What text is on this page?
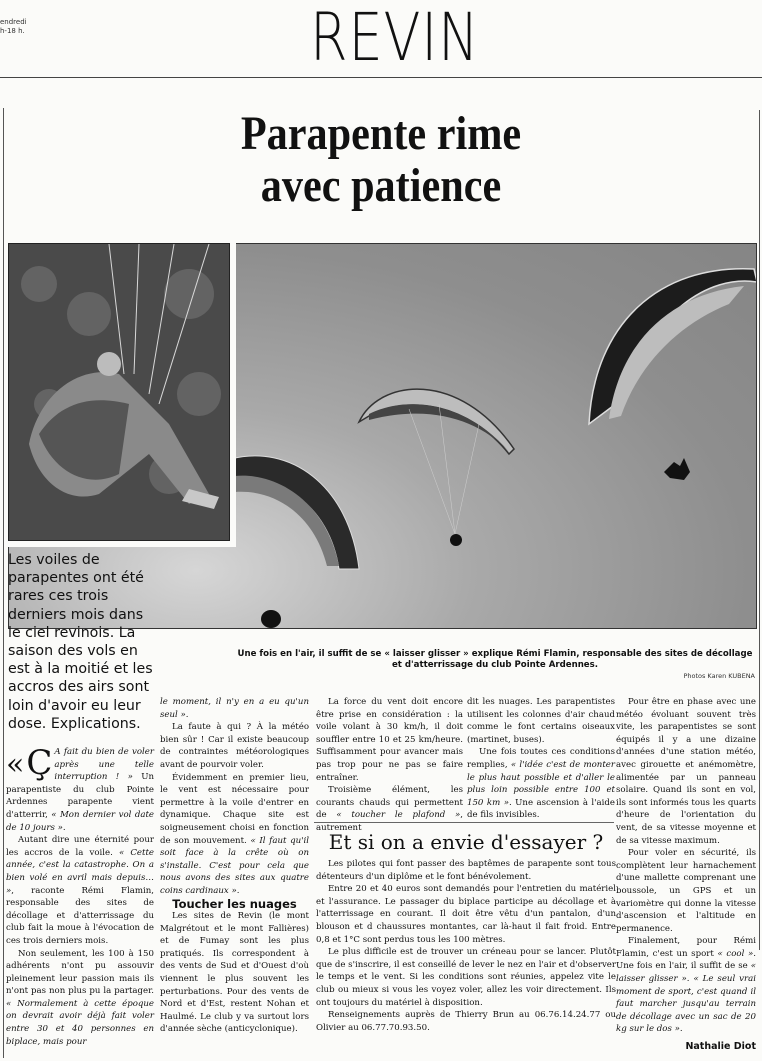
endredi
h-18 h.	REVIN
Parapente rime
avec patience
Une fois en l'air, il suffit de se « laisser glisser » explique Rémi Flamin, responsable des sites de décollage
et d'atterrissage du club Pointe Ardennes.
Photos Karen KUBENA
Les voiles de parapentes ont été rares ces trois derniers mois dans le ciel revinois. La saison des vols en est à la moitié et les accros des airs sont loin d'avoir eu leur dose. Explications.

« Ç A fait du bien de voler après une telle interruption ! » Un parapentiste du club Pointe Ardennes parapente vient d'atterrir, « Mon dernier vol date de 10 jours ».

Autant dire une éternité pour les accros de la voile. « Cette année, c'est la catastrophe. On a bien volé en avril mais depuis… », raconte Rémi Flamin, responsable des sites de décollage et d'atterrissage du club fait la moue à l'évocation de ces trois derniers mois.

Non seulement, les 100 à 150 adhérents n'ont pu assouvir pleinement leur passion mais ils n'ont pas non plus pu la partager. « Normalement à cette époque on devrait avoir déjà fait voler entre 30 et 40 personnes en biplace, mais pour

le moment, il n'y en a eu qu'un seul ».

La faute à qui ? À la météo bien sûr ! Car il existe beaucoup de contraintes météorologiques avant de pourvoir voler.

Évidemment en premier lieu, le vent est nécessaire pour permettre à la voile d'entrer en dynamique. Chaque site est soigneusement choisi en fonction de son mouvement. « Il faut qu'il soit face à la crête où on s'installe. C'est pour cela que nous avons des sites aux quatre coins cardinaux ».

Toucher les nuages

Les sites de Revin (le mont Malgrétout et le mont Fallières) et de Fumay sont les plus pratiqués. Ils correspondent à des vents de Sud et d'Ouest d'où viennent le plus souvent les perturbations. Pour des vents de Nord et d'Est, restent Nohan et Haulmé. Le club y va surtout lors d'année sèche (anticyclonique).

La force du vent doit encore être prise en considération : la voile volant à 30 km/h, il doit souffler entre 10 et 25 km/heure. Suffisamment pour avancer mais pas trop pour ne pas se faire entraîner.

Troisième élément, les courants chauds qui permettent de « toucher le plafond », autrement

dit les nuages. Les parapentistes utilisent les colonnes d'air chaud comme le font certains oiseaux (martinet, buses).

Une fois toutes ces conditions remplies, « l'idée c'est de monter le plus haut possible et d'aller le plus loin possible entre 100 et 150 km ». Une ascension à l'aide de fils invisibles.

Et si on a envie d'essayer ?

Les pilotes qui font passer des baptêmes de parapente sont tous détenteurs d'un diplôme et le font bénévolement.

Entre 20 et 40 euros sont demandés pour l'entretien du matériel et l'assurance. Le passager du biplace participe au décollage et à l'atterrissage en courant. Il doit être vêtu d'un pantalon, d'un blouson et d chaussures montantes, car là-haut il fait froid. Entre 0,8 et 1°C sont perdus tous les 100 mètres.

Le plus difficile est de trouver un créneau pour se lancer. Plutôt que de s'inscrire, il est conseillé de lever le nez en l'air et d'observer le temps et le vent. Si les conditions sont réunies, appelez vite le club ou mieux si vous les voyez voler, allez les voir directement. Ils ont toujours du matériel à disposition.

Renseignements auprès de Thierry Brun au 06.76.14.24.77 ou Olivier au 06.77.70.93.50.

Pour être en phase avec une météo évoluant souvent très vite, les parapentistes se sont équipés il y a une dizaine d'années d'une station météo, avec girouette et anémomètre, alimentée par un panneau solaire. Quand ils sont en vol, ils sont informés tous les quarts d'heure de l'orientation du vent, de sa vitesse moyenne et de sa vitesse maximum.

Pour voler en sécurité, ils complètent leur harnachement d'une mallette comprenant une boussole, un GPS et un variomètre qui donne la vitesse d'ascension et l'altitude en permanence.

Finalement, pour Rémi Flamin, c'est un sport « cool ». Une fois en l'air, il suffit de se « laisser glisser ». « Le seul vrai moment de sport, c'est quand il faut marcher jusqu'au terrain de décollage avec un sac de 20 kg sur le dos ».

Nathalie Diot
